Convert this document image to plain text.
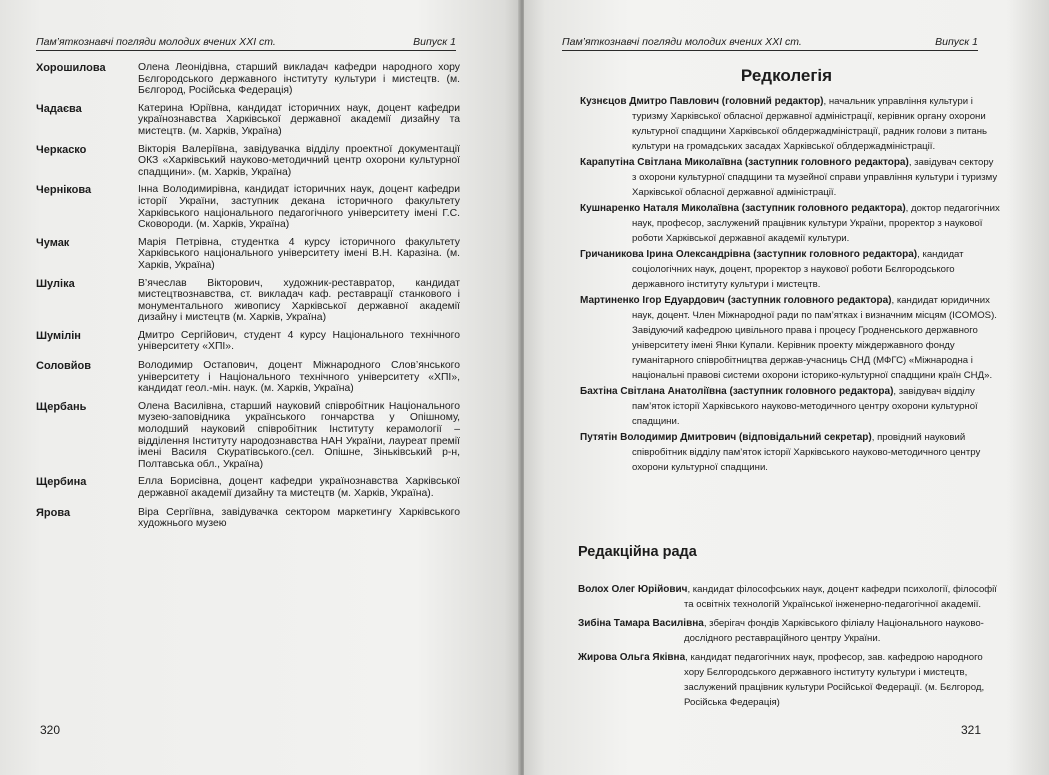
Пам’яткознавчі погляди молодих вчених ХХІ ст.	Випуск 1
Хорошилова	Олена Леонідівна, старший викладач кафедри народного хору Бєлгородського державного інституту культури і мистецтв. (м. Бєлгород, Російська Федерація)
Чадаєва	Катерина Юріївна, кандидат історичних наук, доцент кафедри українознавства Харківської державної академії дизайну та мистецтв. (м. Харків, Україна)
Черкаско	Вікторія Валеріївна, завідувачка відділу проектної документації ОКЗ «Харківський науково-методичний центр охорони культурної спадщини». (м. Харків, Україна)
Чернікова	Інна Володимирівна, кандидат історичних наук, доцент кафедри історії України, заступник декана історичного факультету Харківського національного педагогічного університету імені Г.С. Сковороди. (м. Харків, Україна)
Чумак	Марія Петрівна, студентка 4 курсу історичного факультету Харківського національного університету імені В.Н. Каразіна. (м. Харків, Україна)
Шуліка	В’ячеслав Вікторович, художник-реставратор, кандидат мистецтвознавства, ст. викладач каф. реставрації станкового і монументального живопису Харківської державної академії дизайну і мистецтв (м. Харків, Україна)
Шумілін	Дмитро Сергійович, студент 4 курсу Національного технічного університету «ХПІ».
Соловйов	Володимир Остапович, доцент Міжнародного Слов’янського університету і Національного технічного університету «ХПІ», кандидат геол.-мін. наук. (м. Харків, Україна)
Щербань	Олена Василівна, старший науковий співробітник Національного музею-заповідника українського гончарства у Опішному, молодший науковий співробітник Інституту керамології – відділення Інституту народознавства НАН України, лауреат премії імені Василя Скуратівського.(сел. Опішне, Зіньківський р-н, Полтавська обл., Україна)
Щербина	Елла Борисівна, доцент кафедри українознавства Харківської державної академії дизайну та мистецтв (м. Харків, Україна).
Ярова	Віра Сергіївна, завідувачка сектором маркетингу Харківського художнього музею
320
Пам’яткознавчі погляди молодих вчених ХХІ ст.	Випуск 1
Редколегія
Кузнєцов Дмитро Павлович (головний редактор), начальник управління культури і туризму Харківської обласної державної адміністрації, керівник органу охорони культурної спадщини Харківської облдержадміністрації, радник голови з питань культури на громадських засадах Харківської облдержадміністрації.
Карапутіна Світлана Миколаївна (заступник головного редактора), завідувач сектору з охорони культурної спадщини та музейної справи управління культури і туризму Харківської обласної державної адміністрації.
Кушнаренко Наталя Миколаївна (заступник головного редактора), доктор педагогічних наук, професор, заслужений працівник культури України, проректор з наукової роботи Харківської державної академії культури.
Гричаникова Ірина Олександрівна (заступник головного редактора), кандидат соціологічних наук, доцент, проректор з наукової роботи Бєлгородського державного інституту культури і мистецтв.
Мартиненко Ігор Едуардович (заступник головного редактора), кандидат юридичних наук, доцент. Член Міжнародної ради по пам’ятках і визначним місцям (ICOMOS). Завідуючий кафедрою цивільного права і процесу Гродненського державного університету імені Янки Купали. Керівник проекту міждержавного фонду гуманітарного співробітництва держав-учасниць СНД (МФГС) «Міжнародна і національні правові системи охорони історико-культурної спадщини країн СНД».
Бахтіна Світлана Анатоліївна (заступник головного редактора), завідувач відділу пам’яток історії Харківського науково-методичного центру охорони культурної спадщини.
Путятін Володимир Дмитрович (відповідальний секретар), провідний науковий співробітник відділу пам’яток історії Харківського науково-методичного центру охорони культурної спадщини.
Редакційна рада
Волох Олег Юрійович, кандидат філософських наук, доцент кафедри психології, філософії та освітніх технологій Української інженерно-педагогічної академії.
Зибіна Тамара Василівна, зберігач фондів Харківського філіалу Національного науково-дослідного реставраційного центру України.
Жирова Ольга Яківна, кандидат педагогічних наук, професор, зав. кафедрою народного хору Бєлгородського державного інституту культури і мистецтв, заслужений працівник культури Російської Федерації. (м. Бєлгород, Російська Федерація)
321
